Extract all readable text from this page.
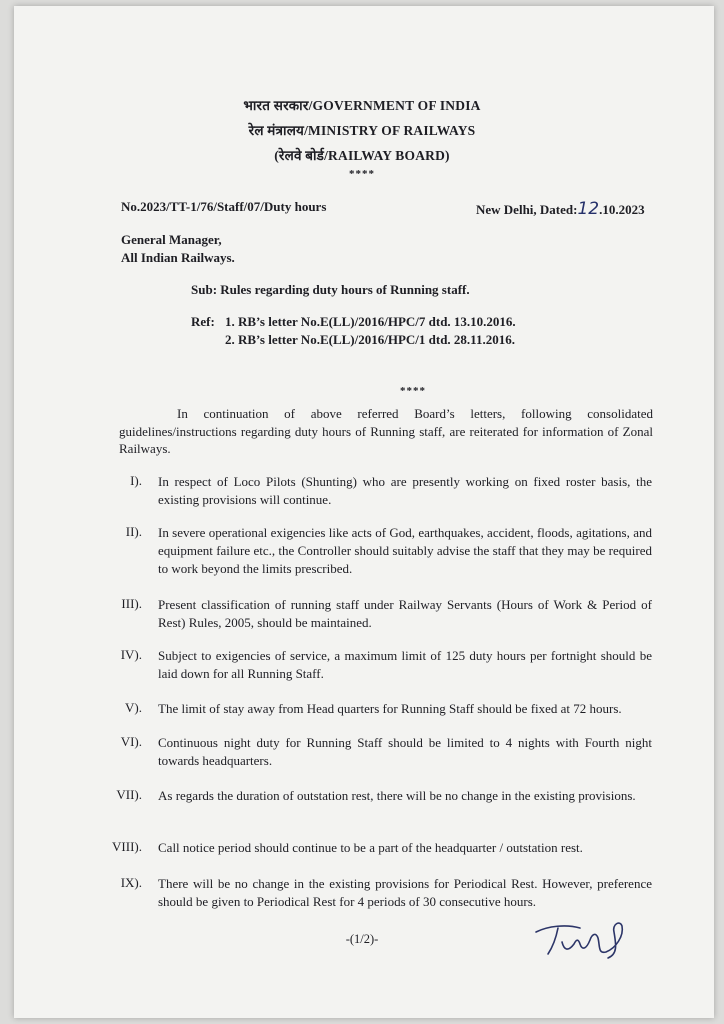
भारत सरकार/GOVERNMENT OF INDIA
रेल मंत्रालय/MINISTRY OF RAILWAYS
(रेलवे बोर्ड/RAILWAY BOARD)
****
No.2023/TT-1/76/Staff/07/Duty hours	New Delhi, Dated:12.10.2023
General Manager,
All Indian Railways.
Sub: Rules regarding duty hours of Running staff.
Ref: 1. RB’s letter No.E(LL)/2016/HPC/7 dtd. 13.10.2016.
2. RB’s letter No.E(LL)/2016/HPC/1 dtd. 28.11.2016.
****
In continuation of above referred Board’s letters, following consolidated guidelines/instructions regarding duty hours of Running staff, are reiterated for information of Zonal Railways.
I). In respect of Loco Pilots (Shunting) who are presently working on fixed roster basis, the existing provisions will continue.
II). In severe operational exigencies like acts of God, earthquakes, accident, floods, agitations, and equipment failure etc., the Controller should suitably advise the staff that they may be required to work beyond the limits prescribed.
III). Present classification of running staff under Railway Servants (Hours of Work & Period of Rest) Rules, 2005, should be maintained.
IV). Subject to exigencies of service, a maximum limit of 125 duty hours per fortnight should be laid down for all Running Staff.
V). The limit of stay away from Head quarters for Running Staff should be fixed at 72 hours.
VI). Continuous night duty for Running Staff should be limited to 4 nights with Fourth night towards headquarters.
VII). As regards the duration of outstation rest, there will be no change in the existing provisions.
VIII). Call notice period should continue to be a part of the headquarter / outstation rest.
IX). There will be no change in the existing provisions for Periodical Rest. However, preference should be given to Periodical Rest for 4 periods of 30 consecutive hours.
-(1/2)-
